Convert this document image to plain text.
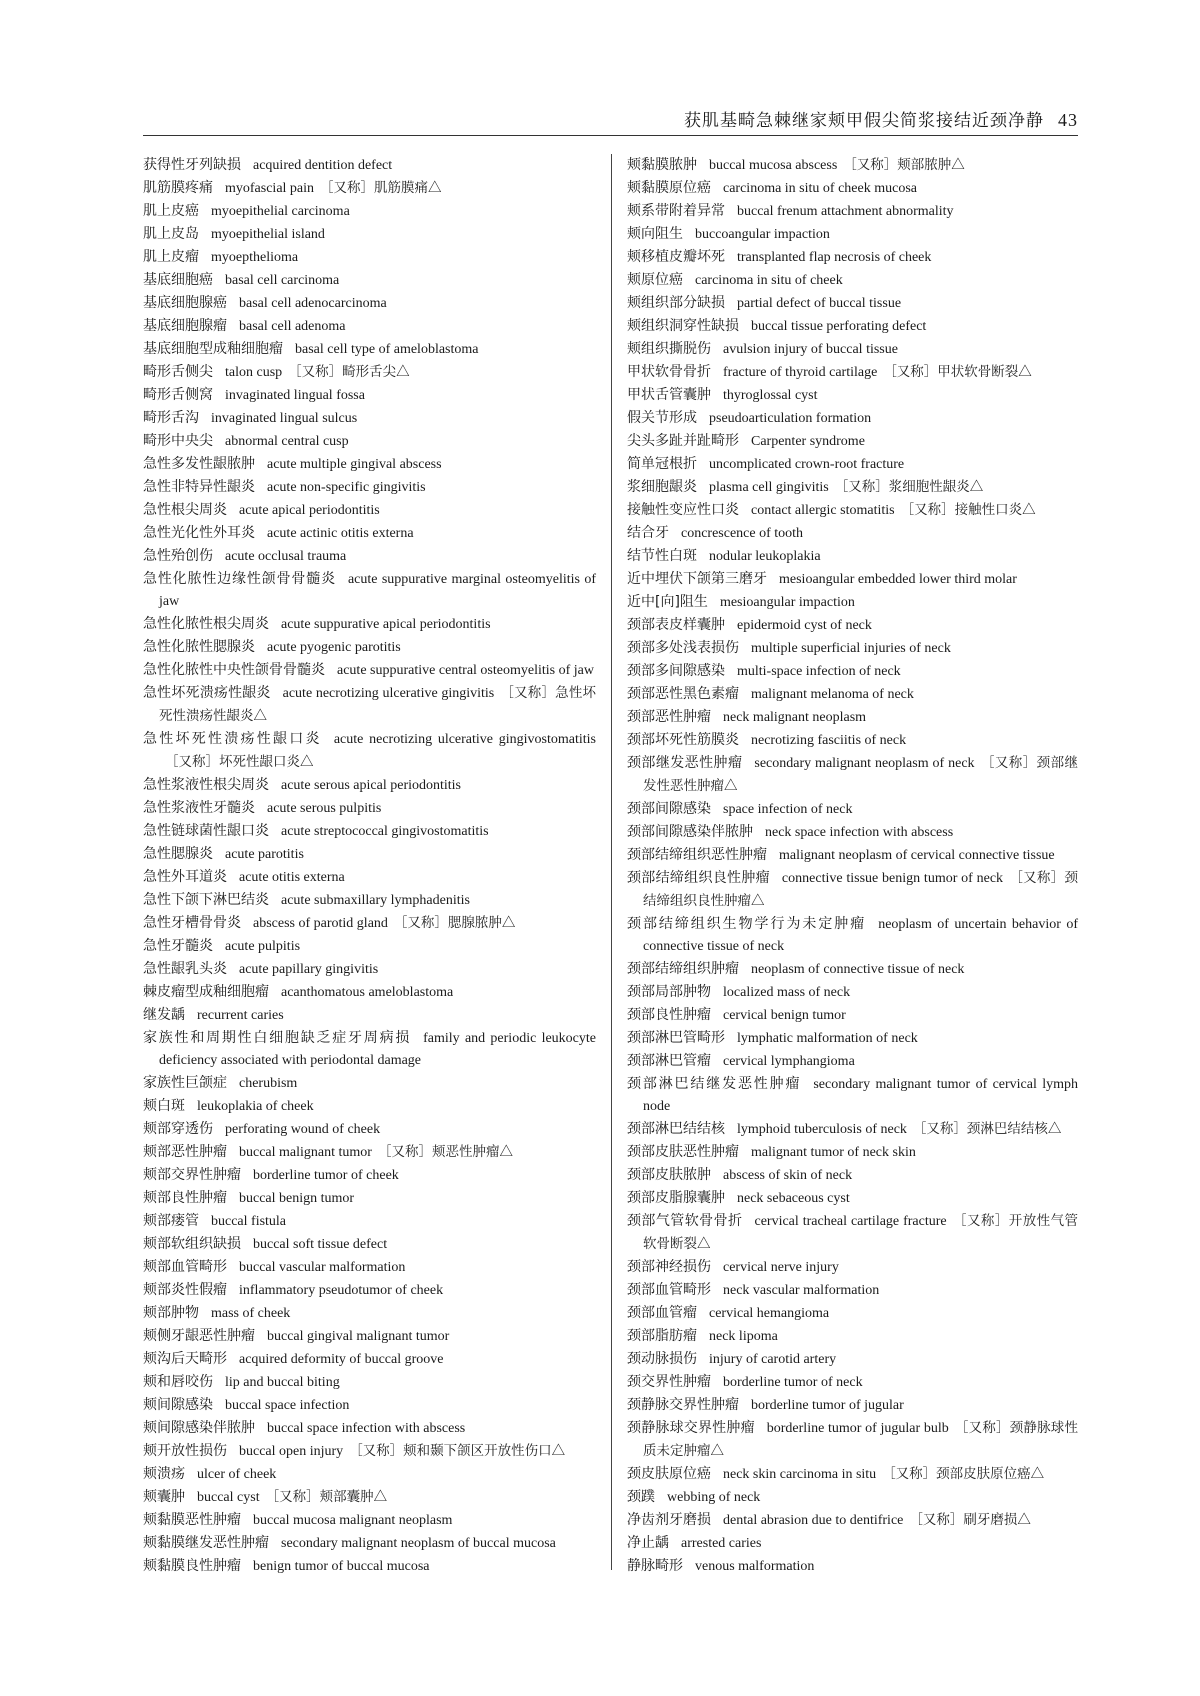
获肌基畸急棘继家颊甲假尖简浆接结近颈净静 43

获得性牙列缺损 acquired dentition defect

肌筋膜疼痛 myofascial pain ［又称］肌筋膜痛△

肌上皮癌 myoepithelial carcinoma

肌上皮岛 myoepithelial island

肌上皮瘤 myoepthelioma

基底细胞癌 basal cell carcinoma

基底细胞腺癌 basal cell adenocarcinoma

基底细胞腺瘤 basal cell adenoma

基底细胞型成釉细胞瘤 basal cell type of ameloblastoma

畸形舌侧尖 talon cusp ［又称］畸形舌尖△

畸形舌侧窝 invaginated lingual fossa

畸形舌沟 invaginated lingual sulcus

畸形中央尖 abnormal central cusp

急性多发性龈脓肿 acute multiple gingival abscess

急性非特异性龈炎 acute non-specific gingivitis

急性根尖周炎 acute apical periodontitis

急性光化性外耳炎 acute actinic otitis externa

急性殆创伤 acute occlusal trauma

急性化脓性边缘性颌骨骨髓炎 acute suppurative marginal osteomyelitis of jaw

急性化脓性根尖周炎 acute suppurative apical periodontitis

急性化脓性腮腺炎 acute pyogenic parotitis

急性化脓性中央性颌骨骨髓炎 acute suppurative central osteomyelitis of jaw

急性坏死溃疡性龈炎 acute necrotizing ulcerative gingivitis ［又称］急性坏死性溃疡性龈炎△

急性坏死性溃疡性龈口炎 acute necrotizing ulcerative gingivostomatitis［又称］坏死性龈口炎△

急性浆液性根尖周炎 acute serous apical periodontitis

急性浆液性牙髓炎 acute serous pulpitis

急性链球菌性龈口炎 acute streptococcal gingivostomatitis

急性腮腺炎 acute parotitis

急性外耳道炎 acute otitis externa

急性下颌下淋巴结炎 acute submaxillary lymphadenitis

急性牙槽骨骨炎 abscess of parotid gland ［又称］腮腺脓肿△

急性牙髓炎 acute pulpitis

急性龈乳头炎 acute papillary gingivitis

棘皮瘤型成釉细胞瘤 acanthomatous ameloblastoma

继发龋 recurrent caries

家族性和周期性白细胞缺乏症牙周病损 family and periodic leukocyte deficiency associated with periodontal damage

家族性巨颌症 cherubism

颊白斑 leukoplakia of cheek

颊部穿透伤 perforating wound of cheek

颊部恶性肿瘤 buccal malignant tumor ［又称］颊恶性肿瘤△

颊部交界性肿瘤 borderline tumor of cheek

颊部良性肿瘤 buccal benign tumor

颊部瘘管 buccal fistula

颊部软组织缺损 buccal soft tissue defect

颊部血管畸形 buccal vascular malformation

颊部炎性假瘤 inflammatory pseudotumor of cheek

颊部肿物 mass of cheek

颊侧牙龈恶性肿瘤 buccal gingival malignant tumor

颊沟后天畸形 acquired deformity of buccal groove

颊和唇咬伤 lip and buccal biting

颊间隙感染 buccal space infection

颊间隙感染伴脓肿 buccal space infection with abscess

颊开放性损伤 buccal open injury ［又称］颊和颞下颌区开放性伤口△

颊溃疡 ulcer of cheek

颊囊肿 buccal cyst ［又称］颊部囊肿△

颊黏膜恶性肿瘤 buccal mucosa malignant neoplasm

颊黏膜继发恶性肿瘤 secondary malignant neoplasm of buccal mucosa

颊黏膜良性肿瘤 benign tumor of buccal mucosa

颊黏膜脓肿 buccal mucosa abscess ［又称］颊部脓肿△

颊黏膜原位癌 carcinoma in situ of cheek mucosa

颊系带附着异常 buccal frenum attachment abnormality

颊向阻生 buccoangular impaction

颊移植皮瓣坏死 transplanted flap necrosis of cheek

颊原位癌 carcinoma in situ of cheek

颊组织部分缺损 partial defect of buccal tissue

颊组织洞穿性缺损 buccal tissue perforating defect

颊组织撕脱伤 avulsion injury of buccal tissue

甲状软骨骨折 fracture of thyroid cartilage ［又称］甲状软骨断裂△

甲状舌管囊肿 thyroglossal cyst

假关节形成 pseudoarticulation formation

尖头多趾并趾畸形 Carpenter syndrome

简单冠根折 uncomplicated crown-root fracture

浆细胞龈炎 plasma cell gingivitis ［又称］浆细胞性龈炎△

接触性变应性口炎 contact allergic stomatitis ［又称］接触性口炎△

结合牙 concrescence of tooth

结节性白斑 nodular leukoplakia

近中埋伏下颌第三磨牙 mesioangular embedded lower third molar

近中[向]阻生 mesioangular impaction

颈部表皮样囊肿 epidermoid cyst of neck

颈部多处浅表损伤 multiple superficial injuries of neck

颈部多间隙感染 multi-space infection of neck

颈部恶性黑色素瘤 malignant melanoma of neck

颈部恶性肿瘤 neck malignant neoplasm

颈部坏死性筋膜炎 necrotizing fasciitis of neck

颈部继发恶性肿瘤 secondary malignant neoplasm of neck ［又称］颈部继发性恶性肿瘤△

颈部间隙感染 space infection of neck

颈部间隙感染伴脓肿 neck space infection with abscess

颈部结缔组织恶性肿瘤 malignant neoplasm of cervical connective tissue

颈部结缔组织良性肿瘤 connective tissue benign tumor of neck ［又称］颈结缔组织良性肿瘤△

颈部结缔组织生物学行为未定肿瘤 neoplasm of uncertain behavior of connective tissue of neck

颈部结缔组织肿瘤 neoplasm of connective tissue of neck

颈部局部肿物 localized mass of neck

颈部良性肿瘤 cervical benign tumor

颈部淋巴管畸形 lymphatic malformation of neck

颈部淋巴管瘤 cervical lymphangioma

颈部淋巴结继发恶性肿瘤 secondary malignant tumor of cervical lymph node

颈部淋巴结结核 lymphoid tuberculosis of neck ［又称］颈淋巴结结核△

颈部皮肤恶性肿瘤 malignant tumor of neck skin

颈部皮肤脓肿 abscess of skin of neck

颈部皮脂腺囊肿 neck sebaceous cyst

颈部气管软骨骨折 cervical tracheal cartilage fracture ［又称］开放性气管软骨断裂△

颈部神经损伤 cervical nerve injury

颈部血管畸形 neck vascular malformation

颈部血管瘤 cervical hemangioma

颈部脂肪瘤 neck lipoma

颈动脉损伤 injury of carotid artery

颈交界性肿瘤 borderline tumor of neck

颈静脉交界性肿瘤 borderline tumor of jugular

颈静脉球交界性肿瘤 borderline tumor of jugular bulb ［又称］颈静脉球性质未定肿瘤△

颈皮肤原位癌 neck skin carcinoma in situ ［又称］颈部皮肤原位癌△

颈蹼 webbing of neck

净齿剂牙磨损 dental abrasion due to dentifrice ［又称］刷牙磨损△

净止龋 arrested caries

静脉畸形 venous malformation
